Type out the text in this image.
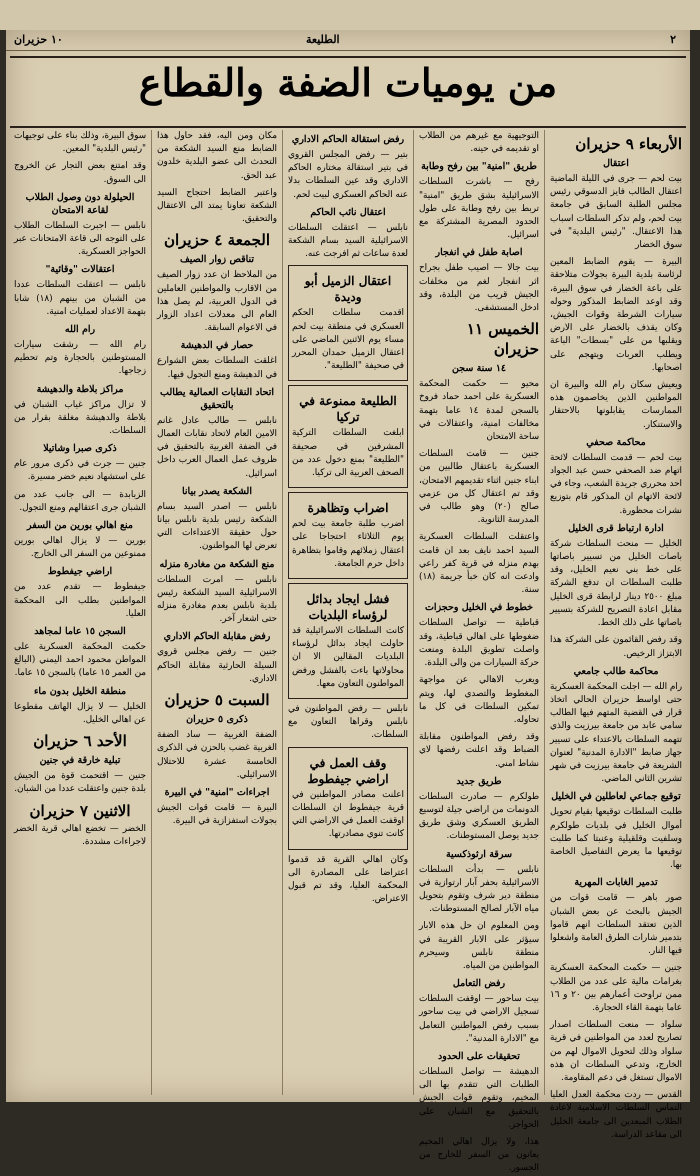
٢
الطليعة
١٠ حزيران
من يوميات الضفة والقطاع
الأربعاء ٩ حزيران
اعتقال

بيت لحم — جرى في الليلة الماضية اعتقال الطالب فايز الدسوقي رئيس مجلس الطلبة السابق في جامعة بيت لحم، ولم تذكر السلطات اسباب هذا الاعتقال. "رئيس البلدية" في سوق الخضار

البيرة — يقوم الضابط المعين لرئاسة بلدية البيرة بجولات متلاحقة على باعة الخضار في سوق البيرة، وقد اوعد الضابط المذكور وحوله سيارات الشرطة وقوات الجيش، وكان يقذف بالخضار على الارض ويقلبها من على "بسطات" الباعة ويطلب العربات ويتهجم على اصحابها.

ويعيش سكان رام الله والبيرة ان المواطنين الذين يخاصمون هذه الممارسات يقابلونها بالاحتقار والاستنكار.

محاكمة صحفي

بيت لحم — قدمت السلطات لائحة اتهام ضد الصحفي حسن عبد الجواد احد محرري جريدة الشعب، وجاء في لائحة الاتهام ان المذكور قام بتوزيع نشرات محظورة.

ادارة ارتباط قرى الخليل

الخليل — منحت السلطات شركة باصات الخليل من تسيير باصاتها على خط بني نعيم الخليل، وقد طلبت السلطات ان تدفع الشركة مبلغ ٢٥٠٠ دينار لرابطة قرى الخليل مقابل اعادة التصريح للشركة بتسيير باصاتها على ذلك الخط.

وقد رفض القائمون على الشركة هذا الابتزاز الرخيص.

محاكمة طالب جامعي

رام الله — اجلت المحكمة العسكرية حتى اواسط حزيران الحالي اتخاذ قرار في القضية المتهم فيها الطالب سامي عابد من جامعة بيرزيت والذي تتهمه السلطات بالاعتداء على تسيير جهاز ضابط "الادارة المدنية" لعنوان الشريعة في جامعة بيرزيت في شهر تشرين الثاني الماضي.

توقيع جماعي لعاطلين في الخليل

طلبت السلطات توقيعها بقيام تحويل أموال الخليل في بلديات طولكرم وسلفيت وقلقيلية وعنبتا كما طلبت توقيعها ما يعرض التفاصيل الخاصة بها.

تدمير الغابات المهرية

صور باهر — قامت قوات من الجيش بالبحث عن بعض الشبان الذين تعتقد السلطات انهم قاموا بتدمير شارات الطرق العامة واشعلوا فيها النار.

جنين — حكمت المحكمة العسكرية بغرامات مالية على عدد من الطلاب ممن تراوحت أعمارهم بين ٢٠ و ١٦ عاما بتهمة القاء الحجارة.

سلواد — منعت السلطات اصدار تصاريح لعدد من المواطنين في قرية سلواد وذلك لتحويل الاموال لهم من الخارج، وتدعي السلطات ان هذه الاموال تستغل في دعم المقاومة.

القدس — ردت محكمة العدل العليا التماس السلطات الاسلامية لاعادة الطلاب المبعدين الى جامعة الخليل الى مقاعد الدراسة.

التوجيهية مع غيرهم من الطلاب او تقديمه في حينه.

طريق "امنية" بين رفح وطابة

رفح — باشرت السلطات الاسرائيلية بشق طريق "امنية" تربط بين رفح وطابة على طول الحدود المصرية المشتركة مع اسرائيل.

اصابة طفل في انفجار

بيت جالا — اصيب طفل بجراح اثر انفجار لغم من مخلفات الجيش قريب من البلدة، وقد ادخل المستشفى.

الخميس ١١ حزيران
١٤ سنة سجن

محيو — حكمت المحكمة العسكرية على احمد حماد فروخ بالسجن لمدة ١٤ عاما بتهمة مخالفات امنية، واعتقالات في ساحة الامتحان

جنين — قامت السلطات العسكرية باعتقال طالبين من ابناء جنين اثناء تقديمهم الامتحان، وقد تم اعتقال كل من عزمي صالح (٢٠) وهو طالب في المدرسة الثانوية.

واعتقلت السلطات العسكرية السيد احمد نايف بعد ان قامت بهدم منزله في قرية كفر راعي وادعت انه كان خبأ جريمة (١٨) سنة.

خطوط في الخليل وحجزات

قباطية — تواصل السلطات ضغوطها على اهالي قباطية، وقد واصلت تطويق البلدة ومنعت حركة السيارات من والى البلدة.

ويعرب الاهالي عن مواجهة المغطوط والتصدي لها، ويتم تمكين السلطات في كل ما تحاوله.

وقد رفض المواطنون مقابلة الضباط وقد اعلنت رفضها لاي نشاط امني.

طريق جديد

طولكرم — صادرت السلطات الدونمات من اراضي جيلة لتوسيع الطريق العسكري وشق طريق جديد يوصل المستوطنات.

سرقة ارثوذكسية

نابلس — بدأت السلطات الاسرائيلية بحفر آبار ارتوازية في منطقة دير شرف وتقوم بتحويل مياه الآبار لصالح المستوطنات.

ومن المعلوم ان حل هذه الابار سيؤثر على الابار القريبة في منطقة نابلس وسيحرم المواطنين من المياه.

رفض التعامل

بيت ساحور — اوقفت السلطات تسجيل الاراضي في بيت ساحور بسبب رفض المواطنين التعامل مع "الادارة المدنية".

تحقيقات على الحدود

الدهيشة — تواصل السلطات الطلبات التي تتقدم بها الى المخيم، وتقوم قوات الجيش بالتحقيق مع الشبان على الحواجز.

هذا، ولا يزال اهالي المخيم يعانون من السفر للخارج من الجسور.

رفض استقالة الحاكم الاداري

بتير — رفض المجلس القروي في بتير استقالة مختاره الحاكم الاداري وقد عين السلطات بدلا عنه الحاكم العسكري لبيت لحم.

اعتقال نائب الحاكم

نابلس — اعتقلت السلطات الاسرائيلية السيد بسام الشكعة لعدة ساعات ثم افرجت عنه.

اعتقال الزميل أبو وديدة

اقدمت سلطات الحكم العسكري في منطقة بيت لحم مساء يوم الاثنين الماضي على اعتقال الزميل حمدان المحرر في صحيفة "الطليعة".

الطليعة ممنوعة في تركيا

ابلغت السلطات التركية المشرفين في صحيفة "الطليعة" بمنع دخول عدد من الصحف العربية الى تركيا.

اضراب وتظاهرة

اضرب طلبة جامعة بيت لحم يوم الثلاثاء احتجاجا على اعتقال زملائهم وقاموا بتظاهرة داخل حرم الجامعة.

فشل ايجاد بدائل لرؤساء البلديات

كانت السلطات الاسرائيلية قد حاولت ايجاد بدائل لرؤساء البلديات المقالين الا ان محاولاتها باءت بالفشل ورفض المواطنون التعاون معها.

نابلس — رفض المواطنون في نابلس وقراها التعاون مع السلطات.

وقف العمل في اراضي جيفطوط

اعلنت مصادر المواطنين في قرية جيفطوط ان السلطات اوقفت العمل في الاراضي التي كانت تنوي مصادرتها.

وكان اهالي القرية قد قدموا اعتراضا على المصادرة الى المحكمة العليا، وقد تم قبول الاعتراض.

مكان ومن اليه، فقد حاول هذا الضابط منع السيد الشكعة من التحدث الى عضو البلدية خلدون عبد الحق.

واعتبر الضابط احتجاج السيد الشكعة تعاونا يمتد الى الاعتقال والتحقيق.

الجمعة ٤ حزيران
تناقص زوار الصيف

من الملاحظ ان عدد زوار الصيف من الاقارب والمواطنين العاملين في الدول العربية، لم يصل هذا العام الى معدلات اعداد الزوار في الاعوام السابقة.

حصار في الدهيشة

اغلقت السلطات بعض الشوارع في الدهيشة ومنع التجول فيها.

اتحاد النقابات العمالية يطالب بالتحقيق

نابلس — طالب عادل غانم الامين العام لاتحاد نقابات العمال في الضفة الغربية بالتحقيق في ظروف عمل العمال العرب داخل اسرائيل.

الشكعة يصدر بيانا

نابلس — اصدر السيد بسام الشكعة رئيس بلدية نابلس بيانا حول حقيقة الاعتداءات التي تعرض لها المواطنون.

منع الشكعة من مغادرة منزله

نابلس — امرت السلطات الاسرائيلية السيد الشكعة رئيس بلدية نابلس بعدم مغادرة منزله حتى اشعار آخر.

رفض مقابلة الحاكم الاداري

جنين — رفض مجلس قروي السيلة الحارثية مقابلة الحاكم الاداري.

السبت ٥ حزيران
ذكرى ٥ حزيران

الضفة الغربية — ساد الضفة الغربية غضب بالحزن في الذكرى الخامسة عشرة للاحتلال الاسرائيلي.

اجراءات "امنية" في البيرة

البيرة — قامت قوات الجيش بجولات استفزازية في البيرة.

سوق البيرة، وذلك بناء على توجيهات "رئيس البلدية" المعين.

وقد امتنع بعض التجار عن الخروج الى السوق.

الحيلولة دون وصول الطلاب لقاعة الامتحان

نابلس — اجبرت السلطات الطلاب على التوجه الى قاعة الامتحانات عبر الحواجز العسكرية.

اعتقالات "وقائية"

نابلس — اعتقلت السلطات عددا من الشبان من بينهم (١٨) شابا بتهمة الاعداد لعمليات امنية.

رام الله

رام الله — رشقت سيارات المستوطنين بالحجارة وتم تحطيم زجاجها.

مراكز بلاطة والدهيشة

لا تزال مراكز غياب الشبان في بلاطة والدهيشة مغلقة بقرار من السلطات.

ذكرى صبرا وشاتيلا

جنين — جرت في ذكرى مرور عام على استشهاد نعيم خضر مسيرة.

الزبابدة — الى جانب عدد من الشبان جرى اعتقالهم ومنع التجول.

منع اهالي بورين من السفر

بورين — لا يزال اهالي بورين ممنوعين من السفر الى الخارج.

اراضي جيفطوط

جيفطوط — تقدم عدد من المواطنين بطلب الى المحكمة العليا.

السجن ١٥ عاما لمجاهد

حكمت المحكمة العسكرية على المواطن محمود احمد اليمني (البالغ من العمر ١٥ عاما) بالسجن ١٥ عاما.

منطقة الخليل بدون ماء

الخليل — لا يزال الهاتف مقطوعا عن اهالي الخليل.

الأحد ٦ حزيران
تبلية خارقة في جنين

جنين — اقتحمت قوة من الجيش بلدة جنين واعتقلت عددا من الشبان.

الاثنين ٧ حزيران

الخضر — تخضع اهالي قرية الخضر لاجراءات مشددة.
